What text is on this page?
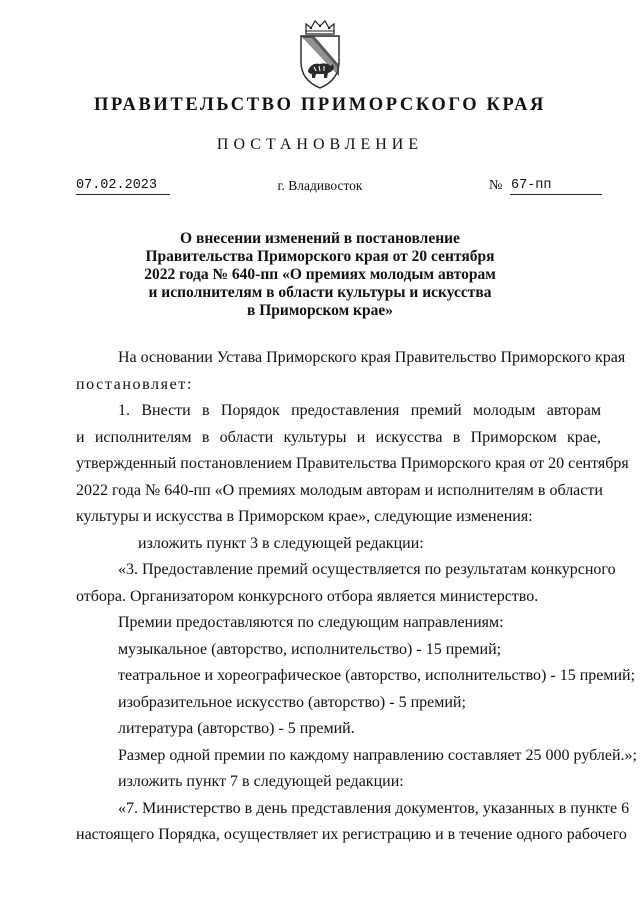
ПРАВИТЕЛЬСТВО ПРИМОРСКОГО КРАЯ
ПОСТАНОВЛЕНИЕ
07.02.2023	г. Владивосток	№ 67-пп
О внесении изменений в постановление
Правительства Приморского края от 20 сентября
2022 года № 640-пп «О премиях молодым авторам
и исполнителям в области культуры и искусства
в Приморском крае»
На основании Устава Приморского края Правительство Приморского края
постановляет:
1. Внести в Порядок предоставления премий молодым авторам
и исполнителям в области культуры и искусства в Приморском крае,
утвержденный постановлением Правительства Приморского края от 20 сентября
2022 года № 640-пп «О премиях молодым авторам и исполнителям в области
культуры и искусства в Приморском крае», следующие изменения:
изложить пункт 3 в следующей редакции:
«3. Предоставление премий осуществляется по результатам конкурсного
отбора. Организатором конкурсного отбора является министерство.
Премии предоставляются по следующим направлениям:
музыкальное (авторство, исполнительство) - 15 премий;
театральное и хореографическое (авторство, исполнительство) - 15 премий;
изобразительное искусство (авторство) - 5 премий;
литература (авторство) - 5 премий.
Размер одной премии по каждому направлению составляет 25 000 рублей.»;
изложить пункт 7 в следующей редакции:
«7. Министерство в день представления документов, указанных в пункте 6
настоящего Порядка, осуществляет их регистрацию и в течение одного рабочего
